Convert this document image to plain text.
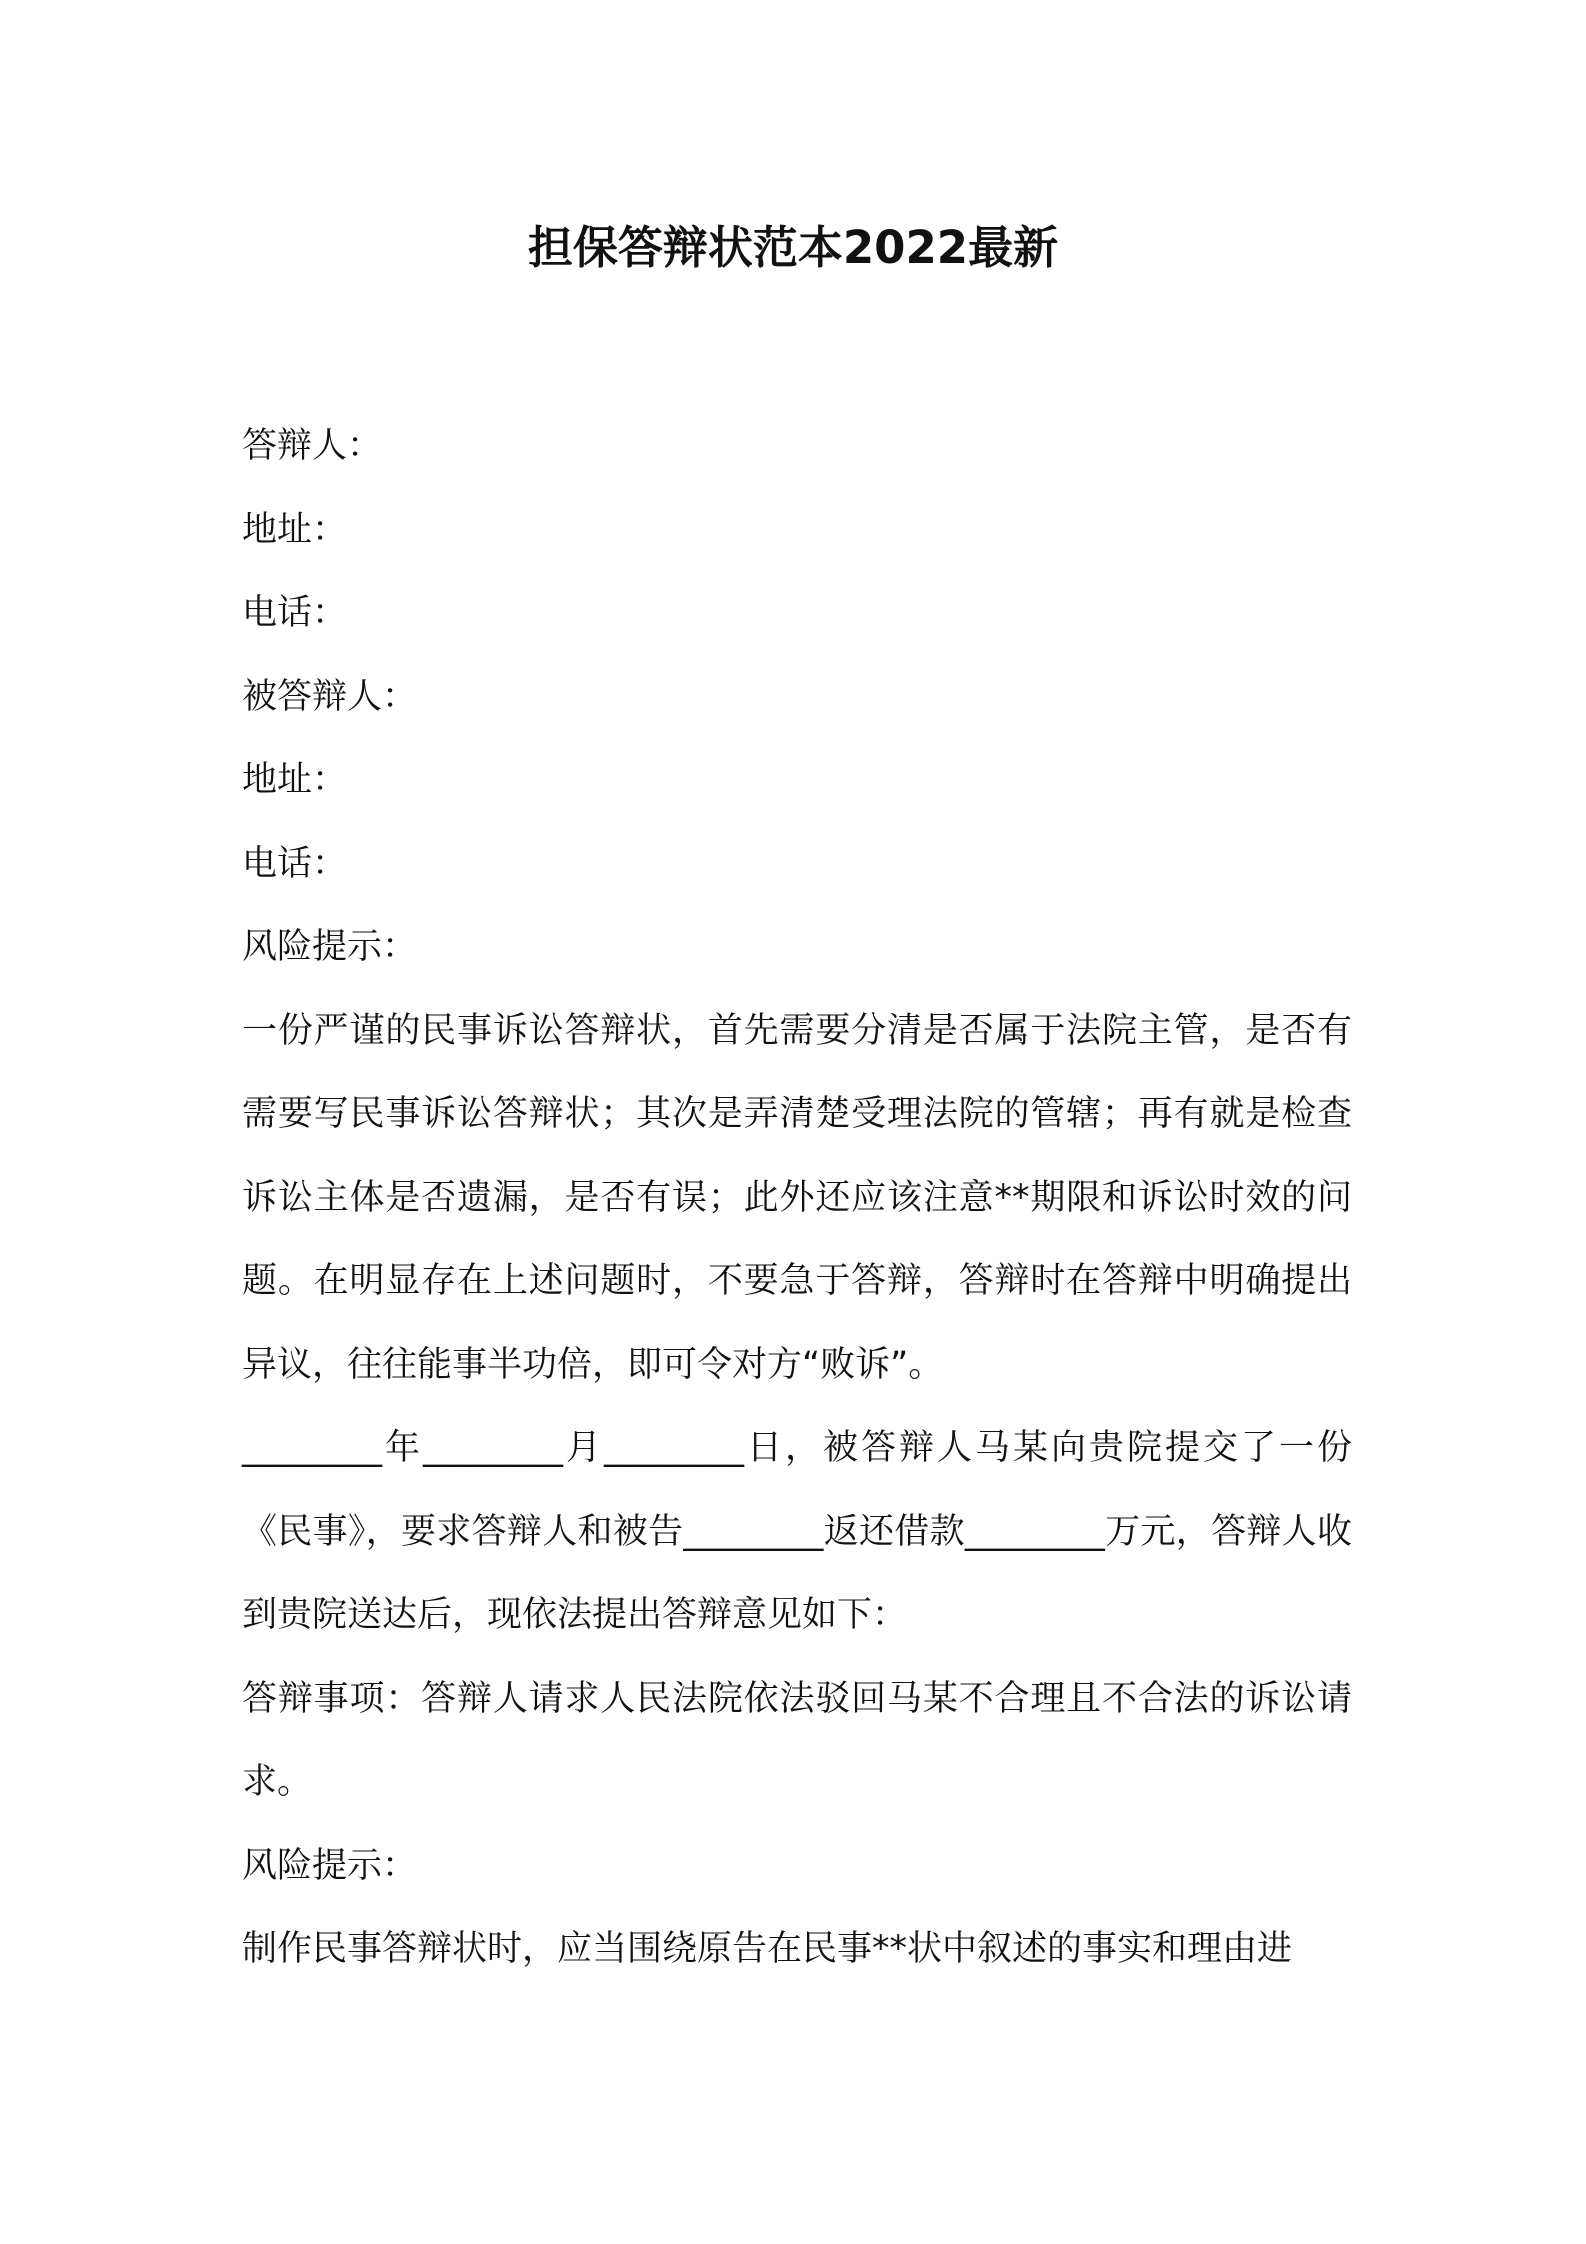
担保答辩状范本2022最新

答辩人：

地址：

电话：

被答辩人：

地址：

电话：

风险提示：

一份严谨的民事诉讼答辩状，首先需要分清是否属于法院主管，是否有需要写民事诉讼答辩状；其次是弄清楚受理法院的管辖；再有就是检查诉讼主体是否遗漏，是否有误；此外还应该注意**期限和诉讼时效的问题。在明显存在上述问题时，不要急于答辩，答辩时在答辩中明确提出异议，往往能事半功倍，即可令对方“败诉”。

________年________月________日，被答辩人马某向贵院提交了一份《民事》，要求答辩人和被告________返还借款________万元，答辩人收到贵院送达后，现依法提出答辩意见如下：

答辩事项：答辩人请求人民法院依法驳回马某不合理且不合法的诉讼请求。

风险提示：

制作民事答辩状时，应当围绕原告在民事**状中叙述的事实和理由进
